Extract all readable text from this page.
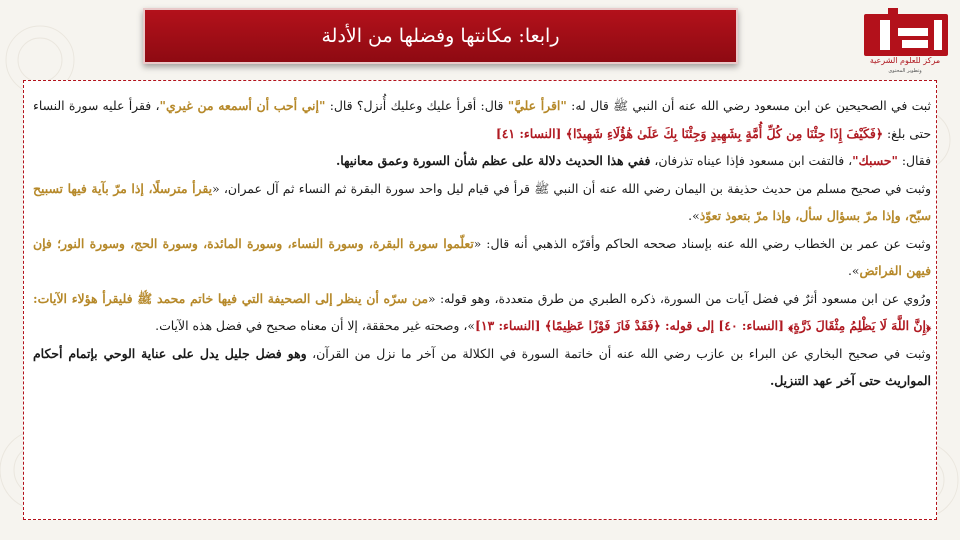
رابعا: مكانتها وفضلها من الأدلة
مركز للعلوم الشرعية
وتطوير المحتوى

ثبت في الصحيحين عن ابن مسعود رضي الله عنه أن النبي ﷺ قال له: "اقرأ عليَّ" قال: أقرأ عليك وعليك أُنزل؟ قال: "إني أحب أن أسمعه من غيري"، فقرأ عليه سورة النساء حتى بلغ: ﴿فَكَيْفَ إِذَا جِئْنَا مِن كُلِّ أُمَّةٍ بِشَهِيدٍ وَجِئْنَا بِكَ عَلَىٰ هَٰؤُلَاءِ شَهِيدًا﴾ [النساء: ٤١]

فقال: "حسبك"، فالتفت ابن مسعود فإذا عيناه تذرفان، ففي هذا الحديث دلالة على عظم شأن السورة وعمق معانيها.

وثبت في صحيح مسلم من حديث حذيفة بن اليمان رضي الله عنه أن النبي ﷺ قرأ في قيام ليل واحد سورة البقرة ثم النساء ثم آل عمران، «يقرأ مترسلًا، إذا مرّ بآية فيها تسبيح سبّح، وإذا مرّ بسؤال سأل، وإذا مرّ بتعوذ تعوّذ».

وثبت عن عمر بن الخطاب رضي الله عنه بإسناد صححه الحاكم وأقرّه الذهبي أنه قال: «تعلّموا سورة البقرة، وسورة النساء، وسورة المائدة، وسورة الحج، وسورة النور؛ فإن فيهن الفرائض».

ورُوي عن ابن مسعود أثرٌ في فضل آيات من السورة، ذكره الطبري من طرق متعددة، وهو قوله: «من سرّه أن ينظر إلى الصحيفة التي فيها خاتم محمد ﷺ فليقرأ هؤلاء الآيات: ﴿إِنَّ اللَّهَ لَا يَظْلِمُ مِثْقَالَ ذَرَّةٍ﴾ [النساء: ٤٠] إلى قوله: ﴿فَقَدْ فَازَ فَوْزًا عَظِيمًا﴾ [النساء: ١٣]»، وصحته غير محققة، إلا أن معناه صحيح في فضل هذه الآيات.

وثبت في صحيح البخاري عن البراء بن عازب رضي الله عنه أن خاتمة السورة في الكلالة من آخر ما نزل من القرآن، وهو فضل جليل يدل على عناية الوحي بإتمام أحكام المواريث حتى آخر عهد التنزيل.
